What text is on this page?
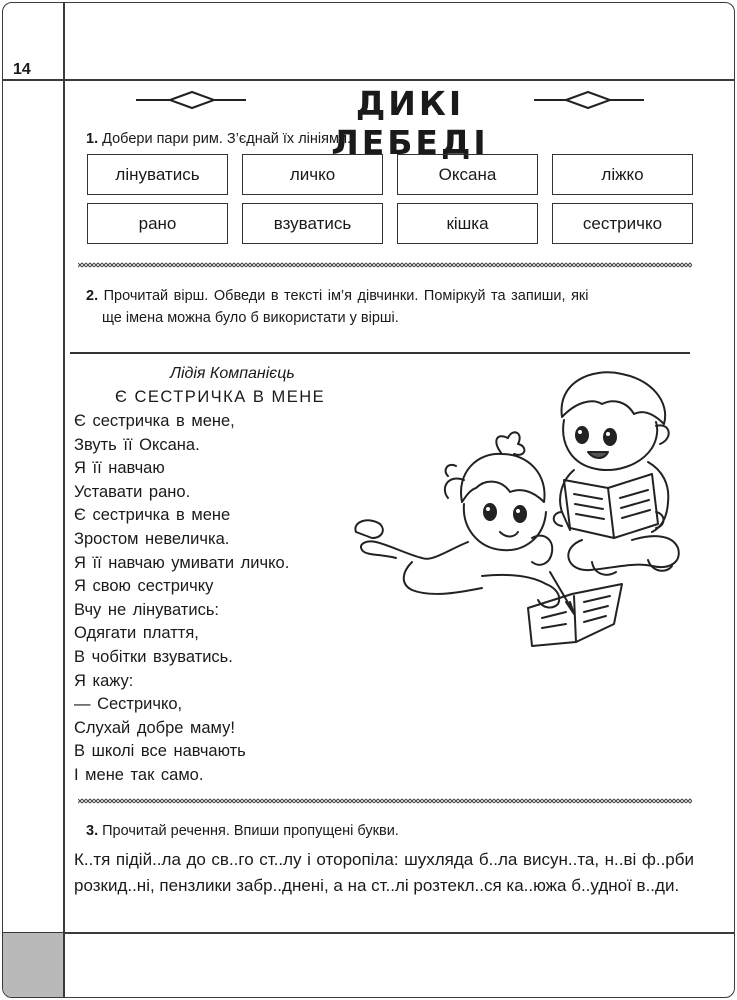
14
ДИКІ ЛЕБЕДІ
1. Добери пари рим. З’єднай їх лініями.
лінуватись	личко	Оксана	ліжко
рано	взуватись	кішка	сестричко
2. Прочитай вірш. Обведи в тексті ім’я дівчинки. Поміркуй та запиши, які
ще імена можна було б використати у вірші.
Лідія Компанієць
Є СЕСТРИЧКА В МЕНЕ
Є сестричка в мене,
Звуть її Оксана.
Я її навчаю
Уставати рано.
Є сестричка в мене
Зростом невеличка.
Я її навчаю умивати личко.
Я свою сестричку
Вчу не лінуватись:
Одягати плаття,
В чобітки взуватись.
Я кажу:
— Сестричко,
Слухай добре маму!
В школі все навчають
І мене так само.
3. Прочитай речення. Впиши пропущені букви.
К..тя підій..ла до св..го ст..лу і оторопіла: шухляда б..ла висун..та, н..ві ф..рби розкид..ні, пензлики забр..днені, а на ст..лі розтекл..ся ка..южа б..удної в..ди.
